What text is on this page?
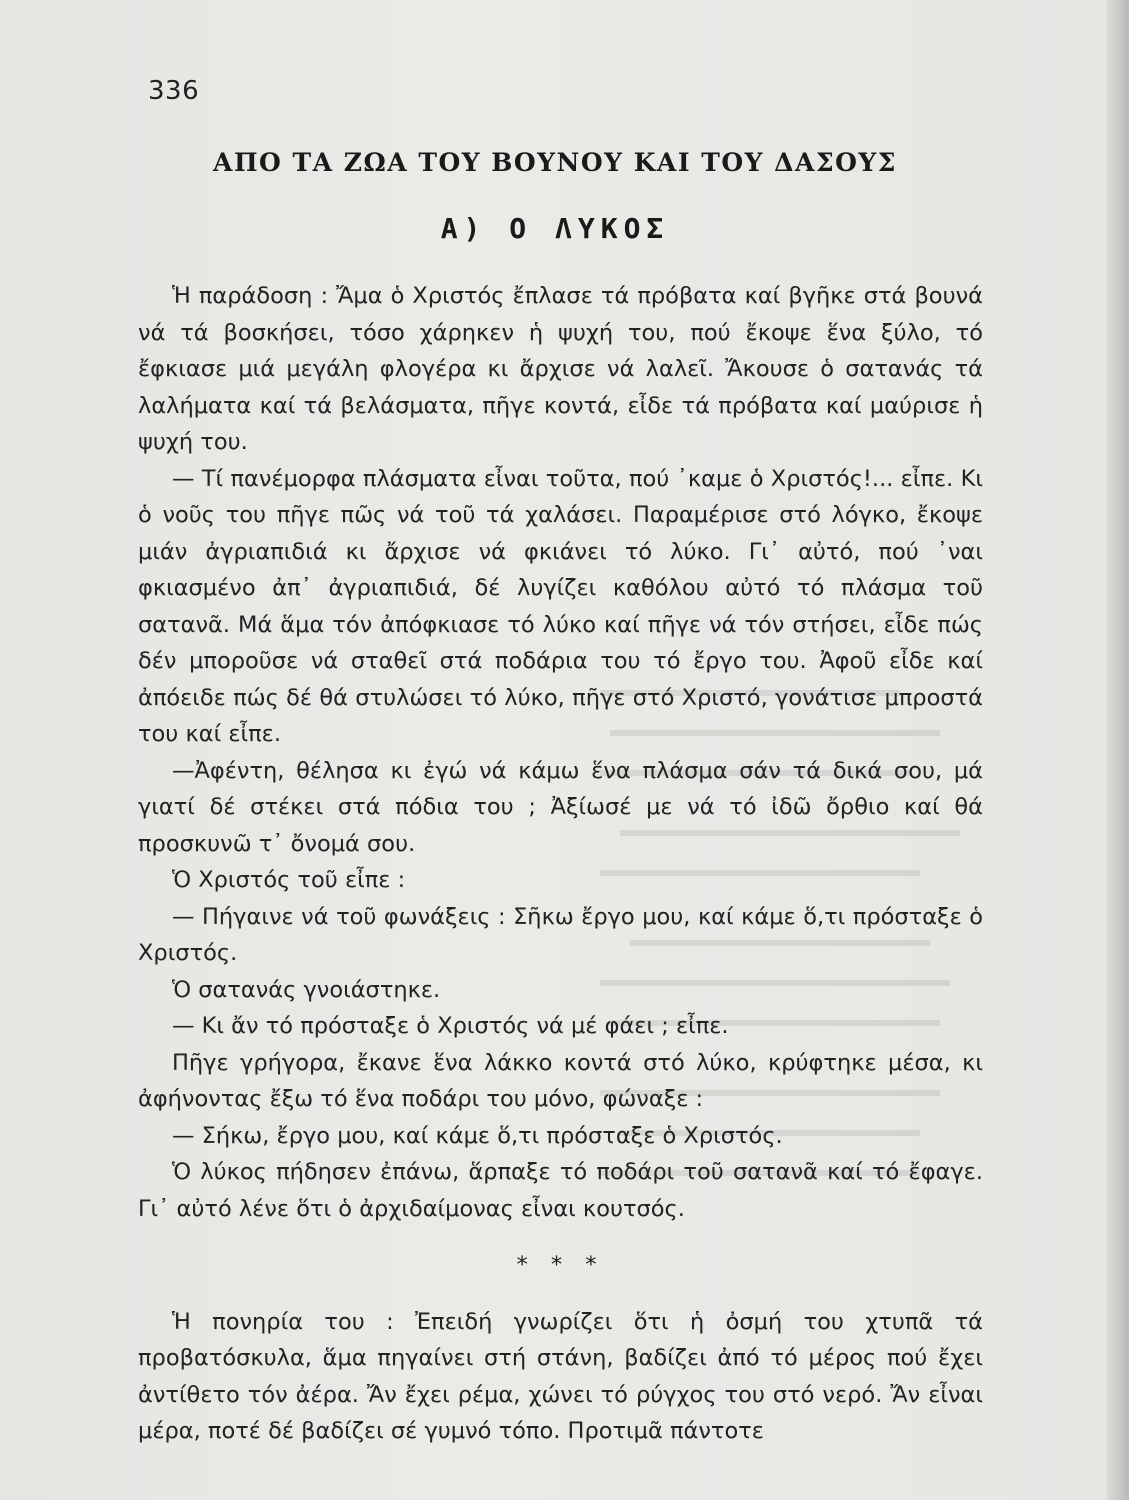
336
ΑΠΟ ΤΑ ΖΩΑ ΤΟΥ ΒΟΥΝΟΥ ΚΑΙ ΤΟΥ ΔΑΣΟΥΣ
Α) Ο ΛΥΚΟΣ

Ἡ παράδοση : Ἄμα ὁ Χριστός ἔπλασε τά πρόβατα καί βγῆκε στά βουνά νά τά βοσκήσει, τόσο χάρηκεν ἡ ψυχή του, πού ἔκοψε ἕνα ξύλο, τό ἔφκιασε μιά μεγάλη φλογέρα κι ἄρχισε νά λαλεῖ. Ἄκουσε ὁ σατανάς τά λαλήματα καί τά βελάσματα, πῆγε κοντά, εἶδε τά πρόβατα καί μαύρισε ἡ ψυχή του.

— Τί πανέμορφα πλάσματα εἶναι τοῦτα, πού ᾿καμε ὁ Χριστός!... εἶπε. Κι ὁ νοῦς του πῆγε πῶς νά τοῦ τά χαλάσει. Παραμέρισε στό λόγκο, ἔκοψε μιάν ἀγριαπιδιά κι ἄρχισε νά φκιάνει τό λύκο. Γι᾿ αὐτό, πού ᾿ναι φκιασμένο ἀπ᾿ ἀγριαπιδιά, δέ λυγίζει καθόλου αὐτό τό πλάσμα τοῦ σατανᾶ. Μά ἅμα τόν ἀπόφκιασε τό λύκο καί πῆγε νά τόν στήσει, εἶδε πώς δέν μποροῦσε νά σταθεῖ στά ποδάρια του τό ἔργο του. Ἀφοῦ εἶδε καί ἀπόειδε πώς δέ θά στυλώσει τό λύκο, πῆγε στό Χριστό, γονάτισε μπροστά του καί εἶπε.

—Ἀφέντη, θέλησα κι ἐγώ νά κάμω ἕνα πλάσμα σάν τά δικά σου, μά γιατί δέ στέκει στά πόδια του ; Ἀξίωσέ με νά τό ἰδῶ ὄρθιο καί θά προσκυνῶ τ᾿ ὄνομά σου.

Ὁ Χριστός τοῦ εἶπε :

— Πήγαινε νά τοῦ φωνάξεις : Σῆκω ἔργο μου, καί κάμε ὅ,τι πρόσταξε ὁ Χριστός.

Ὁ σατανάς γνοιάστηκε.

— Κι ἄν τό πρόσταξε ὁ Χριστός νά μέ φάει ; εἶπε.

Πῆγε γρήγορα, ἔκανε ἕνα λάκκο κοντά στό λύκο, κρύφτηκε μέσα, κι ἀφήνοντας ἔξω τό ἕνα ποδάρι του μόνο, φώναξε :

— Σήκω, ἔργο μου, καί κάμε ὅ,τι πρόσταξε ὁ Χριστός.

Ὁ λύκος πήδησεν ἐπάνω, ἅρπαξε τό ποδάρι τοῦ σατανᾶ καί τό ἔφαγε. Γι᾿ αὐτό λένε ὅτι ὁ ἀρχιδαίμονας εἶναι κουτσός.

* * *

Ἡ πονηρία του : Ἐπειδή γνωρίζει ὅτι ἡ ὀσμή του χτυπᾶ τά προβατόσκυλα, ἅμα πηγαίνει στή στάνη, βαδίζει ἀπό τό μέρος πού ἔχει ἀντίθετο τόν ἀέρα. Ἄν ἔχει ρέμα, χώνει τό ρύγχος του στό νερό. Ἄν εἶναι μέρα, ποτέ δέ βαδίζει σέ γυμνό τόπο. Προτιμᾶ πάντοτε
